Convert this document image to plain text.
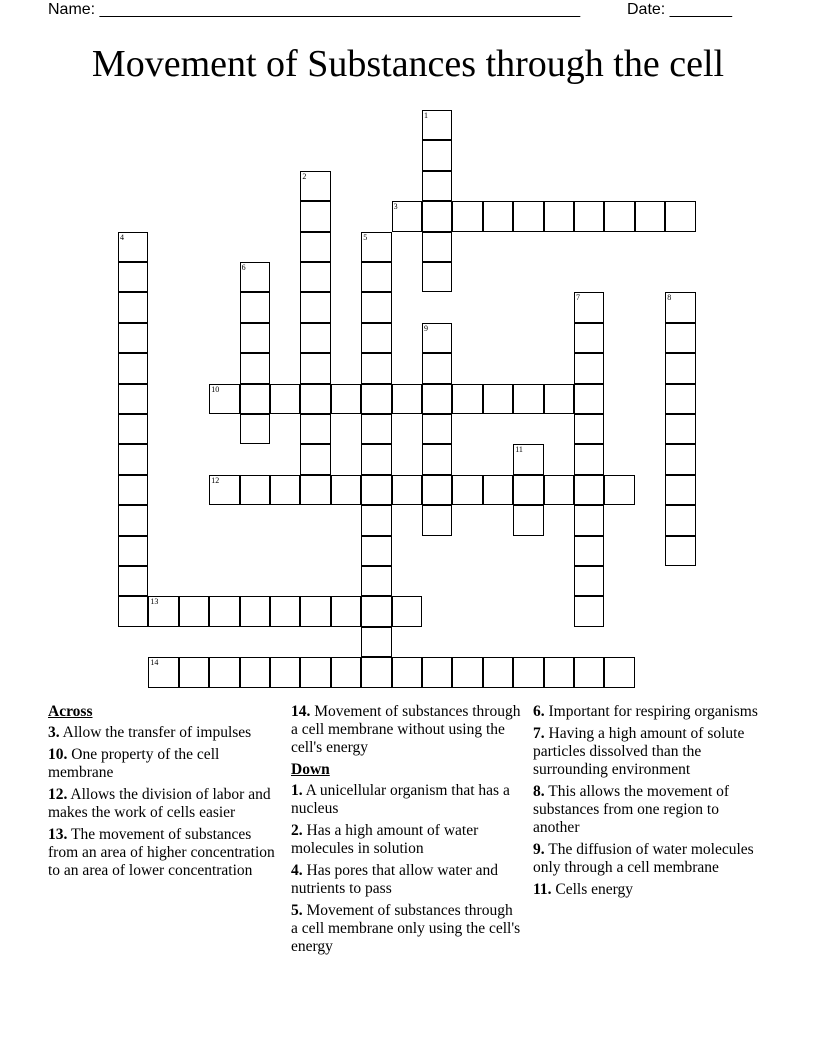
Name: ______________________________________________________	Date: _______
Movement of Substances through the cell
1
2
3
4	5
6
7	8
9
10
11
12
13
14
Across
3. Allow the transfer of impulses
10. One property of the cell membrane
12. Allows the division of labor and makes the work of cells easier
13. The movement of substances from an area of higher concentration to an area of lower concentration
14. Movement of substances through a cell membrane without using the cell's energy
Down
1. A unicellular organism that has a nucleus
2. Has a high amount of water molecules in solution
4. Has pores that allow water and nutrients to pass
5. Movement of substances through a cell membrane only using the cell's energy
6. Important for respiring organisms
7. Having a high amount of solute particles dissolved than the surrounding environment
8. This allows the movement of substances from one region to another
9. The diffusion of water molecules only through a cell membrane
11. Cells energy
